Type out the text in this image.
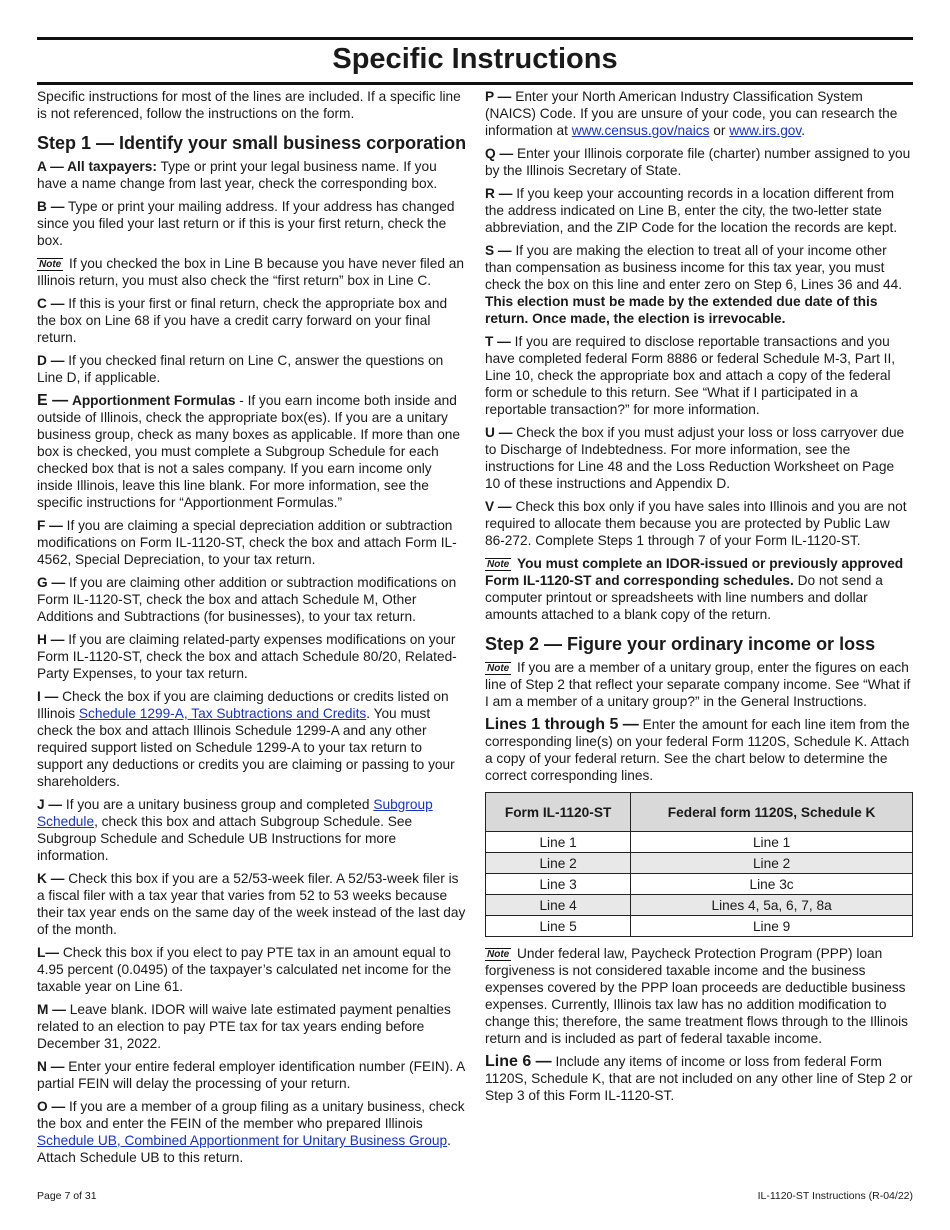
Specific Instructions

Specific instructions for most of the lines are included. If a specific line is not referenced, follow the instructions on the form.

Step 1 — Identify your small business corporation

A — All taxpayers: Type or print your legal business name. If you have a name change from last year, check the corresponding box.

B — Type or print your mailing address. If your address has changed since you filed your last return or if this is your first return, check the box.

Note If you checked the box in Line B because you have never filed an Illinois return, you must also check the “first return” box in Line C.

C — If this is your first or final return, check the appropriate box and the box on Line 68 if you have a credit carry forward on your final return.

D — If you checked final return on Line C, answer the questions on Line D, if applicable.

E — Apportionment Formulas - If you earn income both inside and outside of Illinois, check the appropriate box(es). If you are a unitary business group, check as many boxes as applicable. If more than one box is checked, you must complete a Subgroup Schedule for each checked box that is not a sales company. If you earn income only inside Illinois, leave this line blank. For more information, see the specific instructions for “Apportionment Formulas.”

F — If you are claiming a special depreciation addition or subtraction modifications on Form IL-1120-ST, check the box and attach Form IL-4562, Special Depreciation, to your tax return.

G — If you are claiming other addition or subtraction modifications on Form IL-1120-ST, check the box and attach Schedule M, Other Additions and Subtractions (for businesses), to your tax return.

H — If you are claiming related-party expenses modifications on your Form IL-1120-ST, check the box and attach Schedule 80/20, Related-Party Expenses, to your tax return.

I — Check the box if you are claiming deductions or credits listed on Illinois Schedule 1299-A, Tax Subtractions and Credits. You must check the box and attach Illinois Schedule 1299-A and any other required support listed on Schedule 1299-A to your tax return to support any deductions or credits you are claiming or passing to your shareholders.

J — If you are a unitary business group and completed Subgroup Schedule, check this box and attach Subgroup Schedule. See Subgroup Schedule and Schedule UB Instructions for more information.

K — Check this box if you are a 52/53-week filer. A 52/53-week filer is a fiscal filer with a tax year that varies from 52 to 53 weeks because their tax year ends on the same day of the week instead of the last day of the month.

L— Check this box if you elect to pay PTE tax in an amount equal to 4.95 percent (0.0495) of the taxpayer’s calculated net income for the taxable year on Line 61.

M — Leave blank. IDOR will waive late estimated payment penalties related to an election to pay PTE tax for tax years ending before December 31, 2022.

N — Enter your entire federal employer identification number (FEIN). A partial FEIN will delay the processing of your return.

O — If you are a member of a group filing as a unitary business, check the box and enter the FEIN of the member who prepared Illinois Schedule UB, Combined Apportionment for Unitary Business Group. Attach Schedule UB to this return.

P — Enter your North American Industry Classification System (NAICS) Code. If you are unsure of your code, you can research the information at www.census.gov/naics or www.irs.gov.

Q — Enter your Illinois corporate file (charter) number assigned to you by the Illinois Secretary of State.

R — If you keep your accounting records in a location different from the address indicated on Line B, enter the city, the two-letter state abbreviation, and the ZIP Code for the location the records are kept.

S — If you are making the election to treat all of your income other than compensation as business income for this tax year, you must check the box on this line and enter zero on Step 6, Lines 36 and 44. This election must be made by the extended due date of this return. Once made, the election is irrevocable.

T — If you are required to disclose reportable transactions and you have completed federal Form 8886 or federal Schedule M-3, Part II, Line 10, check the appropriate box and attach a copy of the federal form or schedule to this return. See “What if I participated in a reportable transaction?” for more information.

U — Check the box if you must adjust your loss or loss carryover due to Discharge of Indebtedness. For more information, see the instructions for Line 48 and the Loss Reduction Worksheet on Page 10 of these instructions and Appendix D.

V — Check this box only if you have sales into Illinois and you are not required to allocate them because you are protected by Public Law 86-272. Complete Steps 1 through 7 of your Form IL-1120-ST.

Note You must complete an IDOR-issued or previously approved Form IL-1120-ST and corresponding schedules. Do not send a computer printout or spreadsheets with line numbers and dollar amounts attached to a blank copy of the return.

Step 2 — Figure your ordinary income or loss

Note If you are a member of a unitary group, enter the figures on each line of Step 2 that reflect your separate company income. See “What if I am a member of a unitary group?” in the General Instructions.

Lines 1 through 5 — Enter the amount for each line item from the corresponding line(s) on your federal Form 1120S, Schedule K. Attach a copy of your federal return. See the chart below to determine the correct corresponding lines.

Form IL-1120-ST	Federal form 1120S, Schedule K
Line 1	Line 1
Line 2	Line 2
Line 3	Line 3c
Line 4	Lines 4, 5a, 6, 7, 8a
Line 5	Line 9

Note Under federal law, Paycheck Protection Program (PPP) loan forgiveness is not considered taxable income and the business expenses covered by the PPP loan proceeds are deductible business expenses. Currently, Illinois tax law has no addition modification to change this; therefore, the same treatment flows through to the Illinois return and is included as part of federal taxable income.

Line 6 — Include any items of income or loss from federal Form 1120S, Schedule K, that are not included on any other line of Step 2 or Step 3 of this Form IL-1120-ST.

Page 7 of 31	IL-1120-ST Instructions (R-04/22)
